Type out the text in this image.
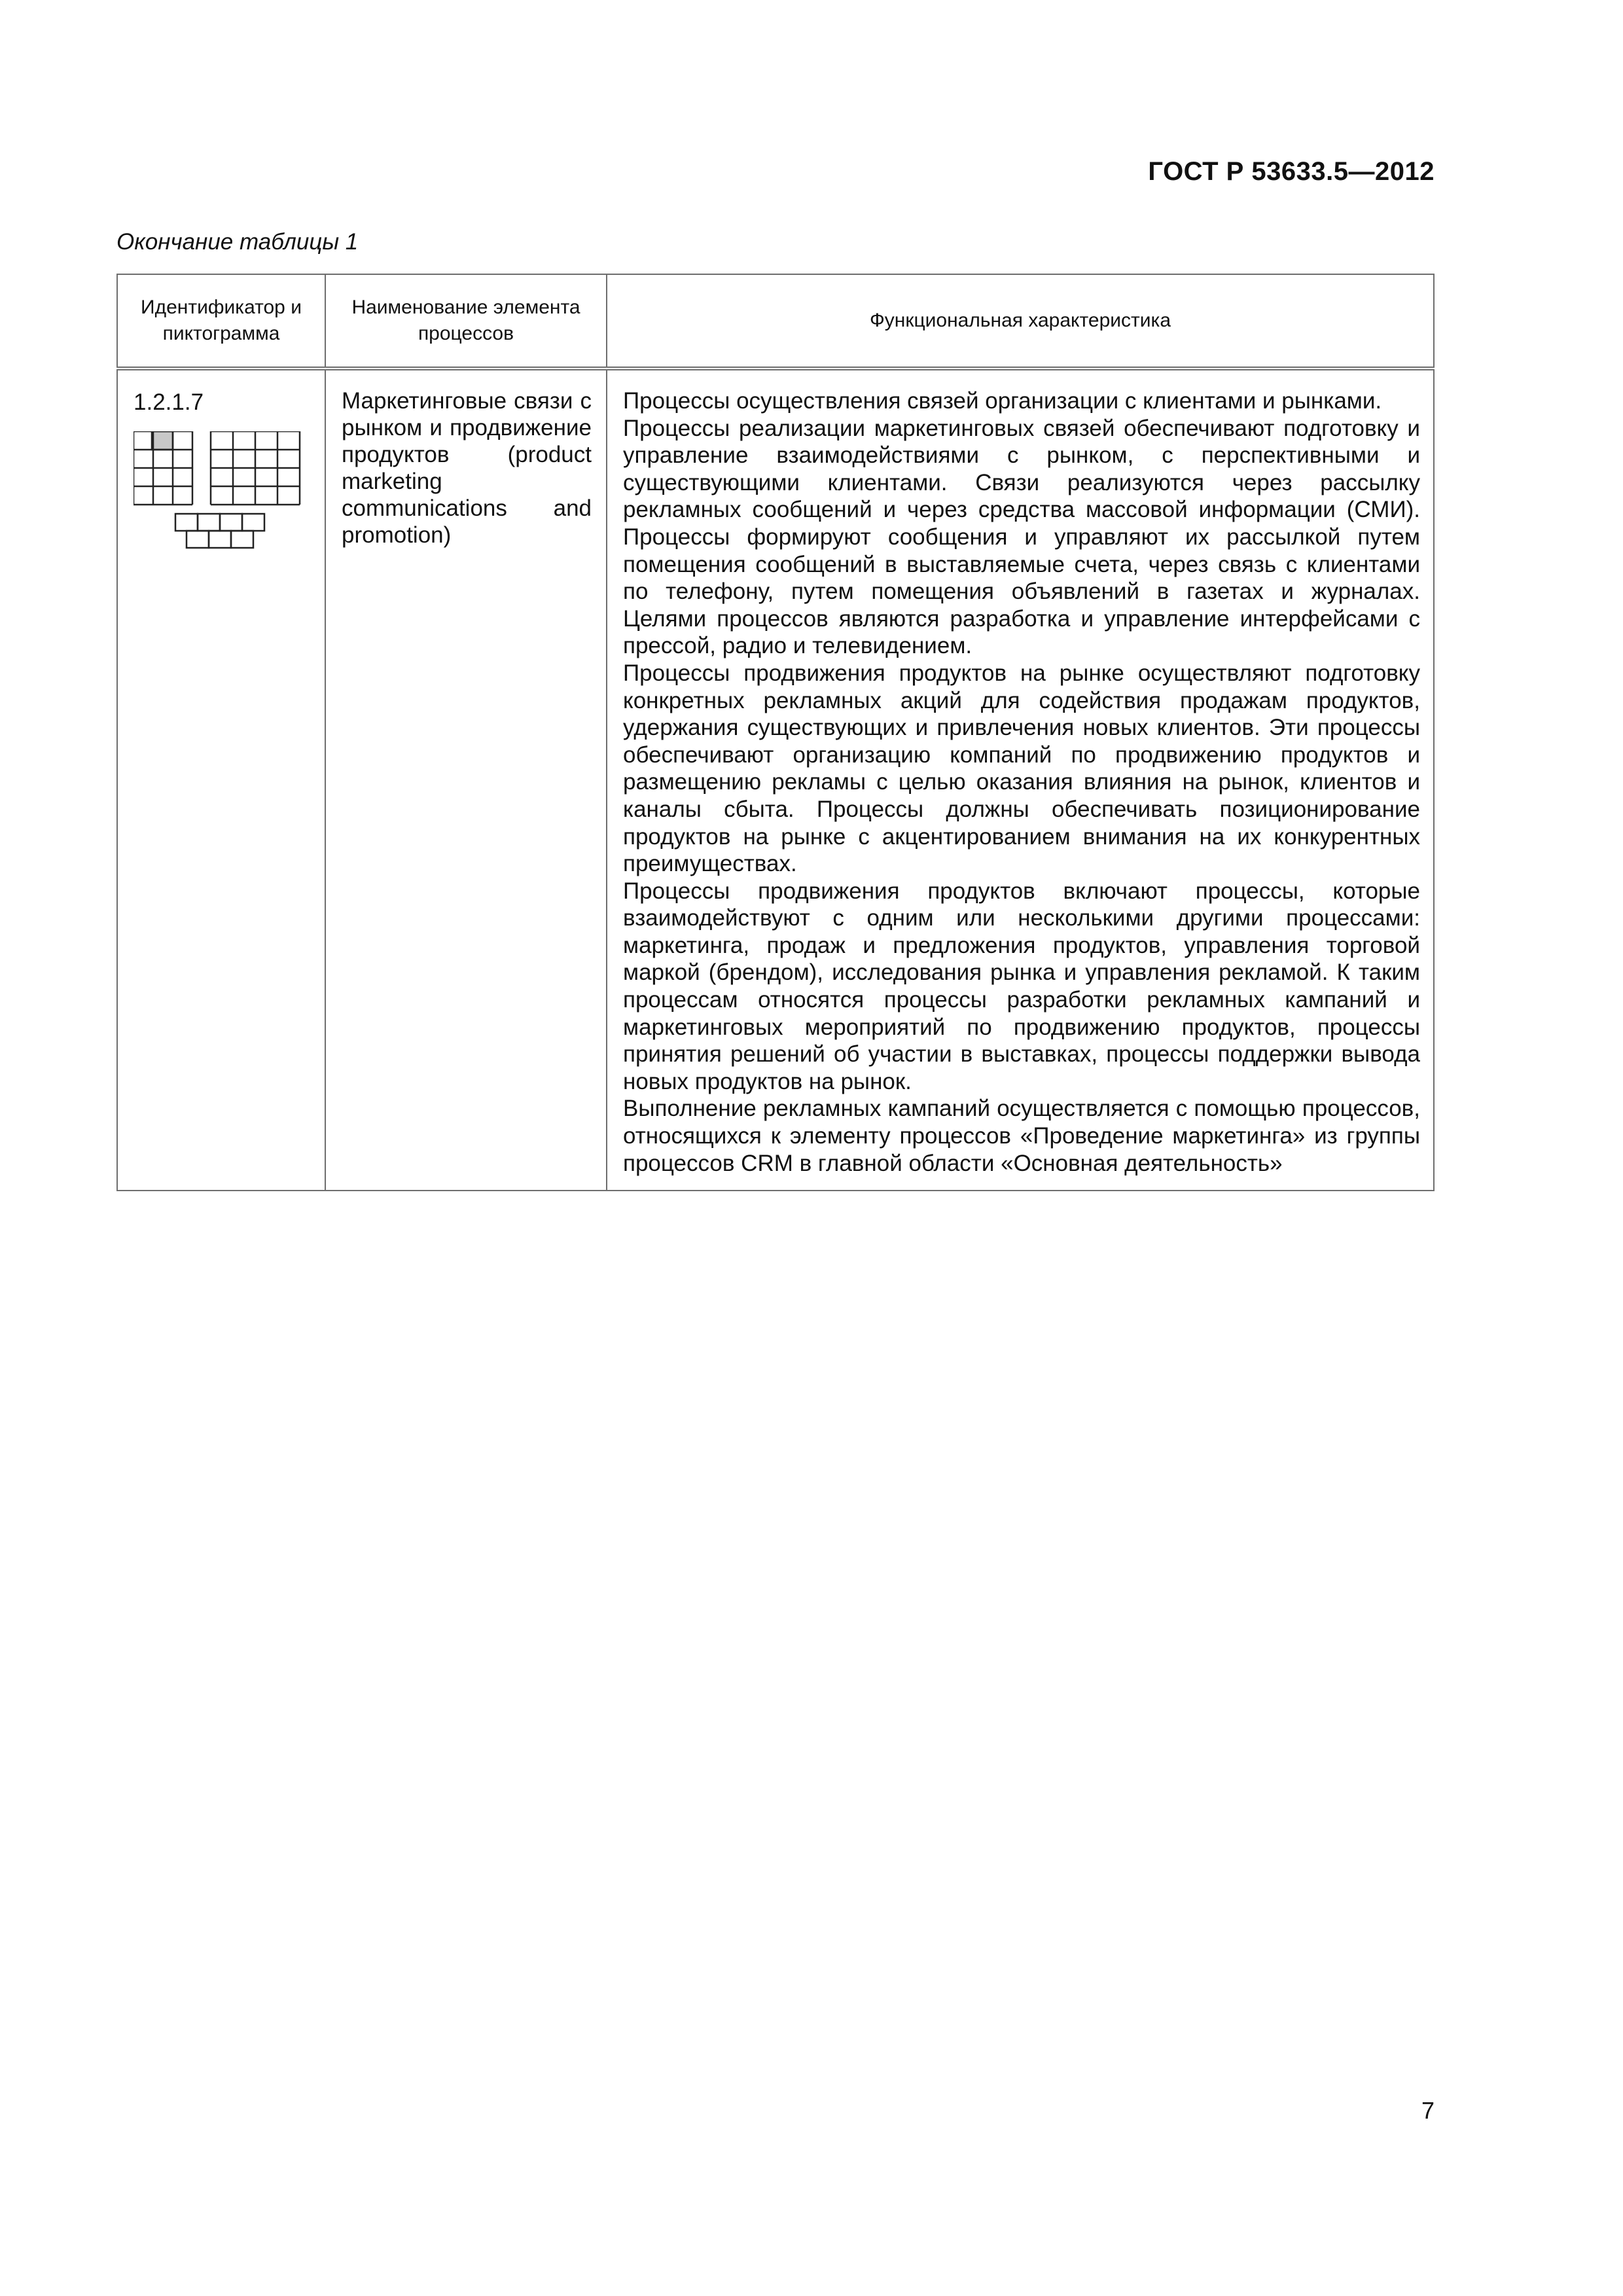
ГОСТ Р 53633.5—2012
Окончание таблицы 1
Идентификатор и пиктограмма	Наименование элемента процессов	Функциональная характеристика

1.2.1.7	Маркетинговые связи с рынком и продвижение продуктов (product marketing communications and promotion)	Процессы осуществления связей организации с клиентами и рынками.

Процессы реализации маркетинговых связей обеспечивают подготовку и управление взаимодействиями с рынком, с перспективными и существующими клиентами. Связи реализуются через рассылку рекламных сообщений и через средства массовой информации (СМИ). Процессы формируют сообщения и управляют их рассылкой путем помещения сообщений в выставляемые счета, через связь с клиентами по телефону, путем помещения объявлений в газетах и журналах. Целями процессов являются разработка и управление интерфейсами с прессой, радио и телевидением.

Процессы продвижения продуктов на рынке осуществляют подготовку конкретных рекламных акций для содействия продажам продуктов, удержания существующих и привлечения новых клиентов. Эти процессы обеспечивают организацию компаний по продвижению продуктов и размещению рекламы с целью оказания влияния на рынок, клиентов и каналы сбыта. Процессы должны обеспечивать позиционирование продуктов на рынке с акцентированием внимания на их конкурентных преимуществах.

Процессы продвижения продуктов включают процессы, которые взаимодействуют с одним или несколькими другими процессами: маркетинга, продаж и предложения продуктов, управления торговой маркой (брендом), исследования рынка и управления рекламой. К таким процессам относятся процессы разработки рекламных кампаний и маркетинговых мероприятий по продвижению продуктов, процессы принятия решений об участии в выставках, процессы поддержки вывода новых продуктов на рынок.

Выполнение рекламных кампаний осуществляется с помощью процессов, относящихся к элементу процессов «Проведение маркетинга» из группы процессов CRM в главной области «Основная деятельность»

7
